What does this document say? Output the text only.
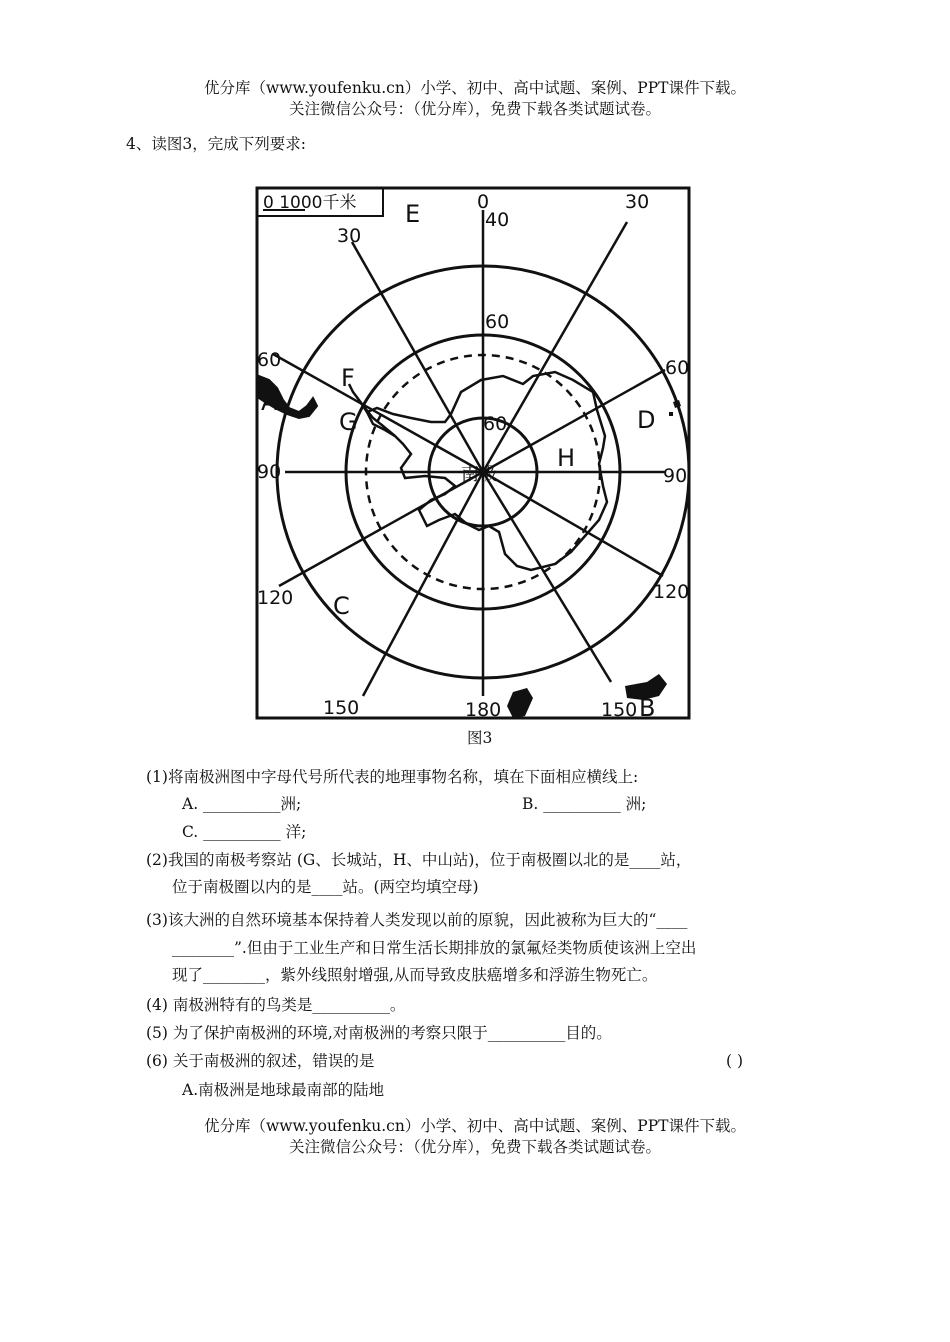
优分库（www.youfenku.cn）小学、初中、高中试题、案例、PPT课件下载。
关注微信公众号：（优分库），免费下载各类试题试卷。
4、读图3，完成下列要求:
0 1000千米 E
A
F
G	D
H
C
B
南极
0
30
30
60	60
90	90
120	120
150	180	150
40
60
60
图3
(1)将南极洲图中字母代号所代表的地理事物名称，填在下面相应横线上:
A. __________洲;	B. __________ 洲;
C. __________ 洋;
(2)我国的南极考察站 (G、长城站，H、中山站)，位于南极圈以北的是____站，
位于南极圈以内的是____站。(两空均填空母)
(3)该大洲的自然环境基本保持着人类发现以前的原貌，因此被称为巨大的“____
________”.但由于工业生产和日常生活长期排放的氯氟烃类物质使该洲上空出
现了________，紫外线照射增强,从而导致皮肤癌增多和浮游生物死亡。
(4) 南极洲特有的鸟类是__________。
(5) 为了保护南极洲的环境,对南极洲的考察只限于__________目的。
(6) 关于南极洲的叙述，错误的是	( )
A.南极洲是地球最南部的陆地
优分库（www.youfenku.cn）小学、初中、高中试题、案例、PPT课件下载。
关注微信公众号：（优分库），免费下载各类试题试卷。
